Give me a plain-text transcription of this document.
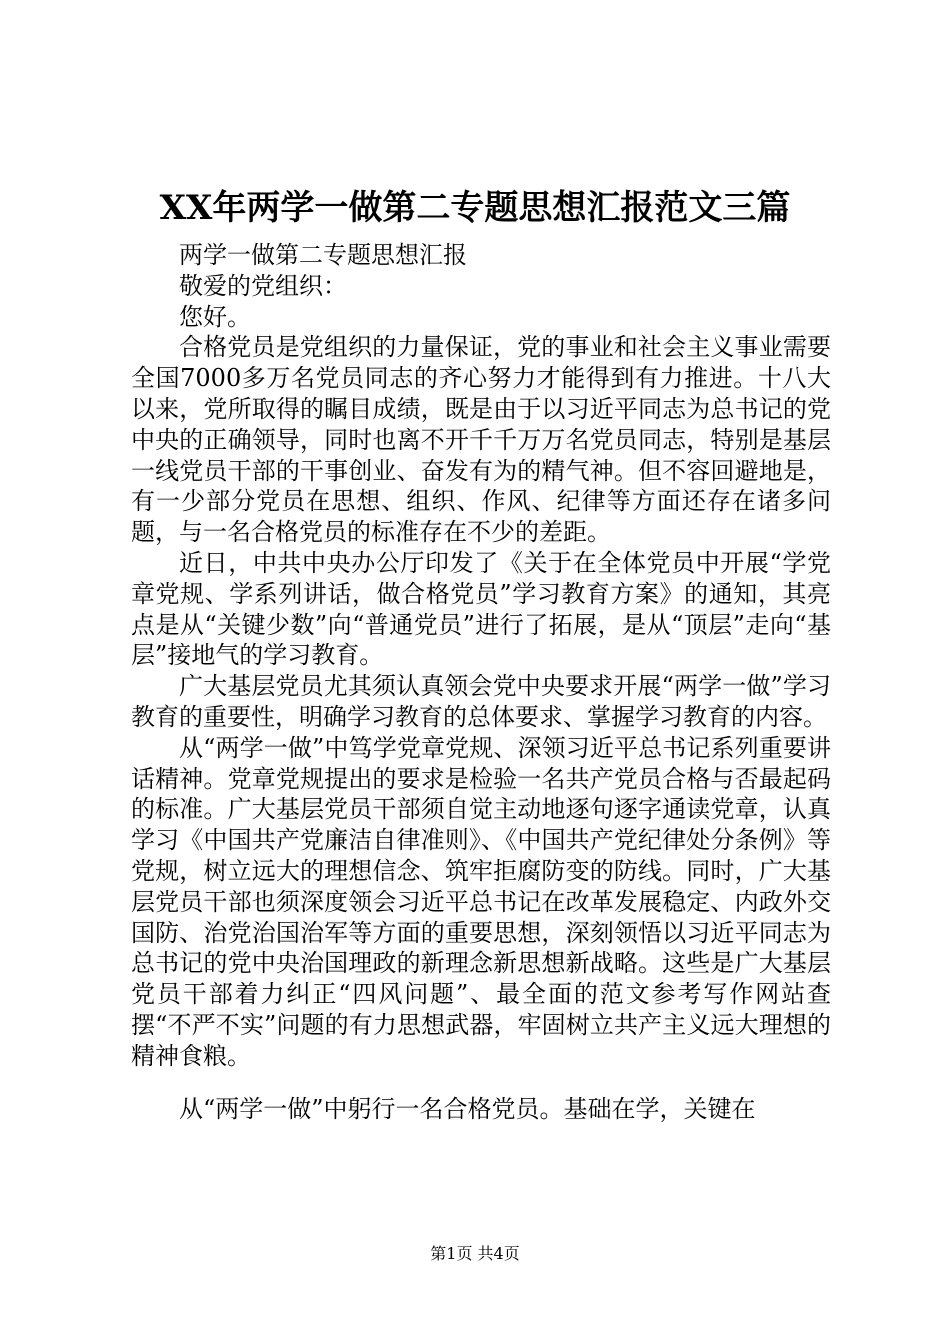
XX年两学一做第二专题思想汇报范文三篇

两学一做第二专题思想汇报

敬爱的党组织：

您好。

合格党员是党组织的力量保证，党的事业和社会主义事业需要全国7000多万名党员同志的齐心努力才能得到有力推进。十八大以来，党所取得的瞩目成绩，既是由于以习近平同志为总书记的党中央的正确领导，同时也离不开千千万万名党员同志，特别是基层一线党员干部的干事创业、奋发有为的精气神。但不容回避地是，有一少部分党员在思想、组织、作风、纪律等方面还存在诸多问题，与一名合格党员的标准存在不少的差距。

近日，中共中央办公厅印发了《关于在全体党员中开展“学党章党规、学系列讲话，做合格党员”学习教育方案》的通知，其亮点是从“关键少数”向“普通党员”进行了拓展，是从“顶层”走向“基层”接地气的学习教育。

广大基层党员尤其须认真领会党中央要求开展“两学一做”学习教育的重要性，明确学习教育的总体要求、掌握学习教育的内容。

从“两学一做”中笃学党章党规、深领习近平总书记系列重要讲话精神。党章党规提出的要求是检验一名共产党员合格与否最起码的标准。广大基层党员干部须自觉主动地逐句逐字通读党章，认真学习《中国共产党廉洁自律准则》、《中国共产党纪律处分条例》等党规，树立远大的理想信念、筑牢拒腐防变的防线。同时，广大基层党员干部也须深度领会习近平总书记在改革发展稳定、内政外交国防、治党治国治军等方面的重要思想，深刻领悟以习近平同志为总书记的党中央治国理政的新理念新思想新战略。这些是广大基层党员干部着力纠正“四风问题”、最全面的范文参考写作网站查摆“不严不实”问题的有力思想武器，牢固树立共产主义远大理想的精神食粮。

从“两学一做”中躬行一名合格党员。基础在学，关键在

第1页 共4页
